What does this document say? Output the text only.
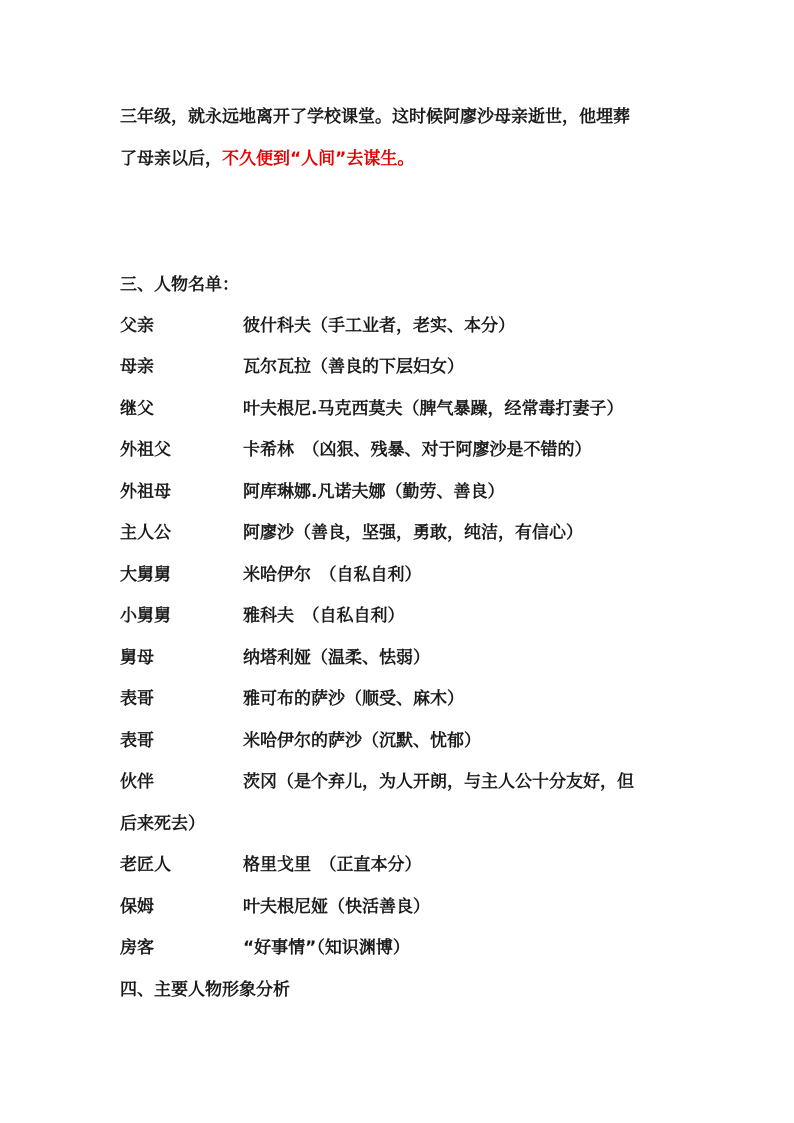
三年级，就永远地离开了学校课堂。这时候阿廖沙母亲逝世，他埋葬
了母亲以后，不久便到“人间”去谋生。
三、人物名单：
父亲	彼什科夫（手工业者，老实、本分）
母亲	瓦尔瓦拉（善良的下层妇女）
继父	叶夫根尼.马克西莫夫（脾气暴躁，经常毒打妻子）
外祖父	卡希林　（凶狠、残暴、对于阿廖沙是不错的）
外祖母	阿库琳娜.凡诺夫娜（勤劳、善良）
主人公	阿廖沙（善良，坚强，勇敢，纯洁，有信心）
大舅舅	米哈伊尔　（自私自利）
小舅舅	雅科夫　（自私自利）
舅母	纳塔利娅（温柔、怯弱）
表哥	雅可布的萨沙（顺受、麻木）
表哥	米哈伊尔的萨沙（沉默、忧郁）
伙伴	茨冈（是个弃儿，为人开朗，与主人公十分友好，但
后来死去）
老匠人	格里戈里　（正直本分）
保姆	叶夫根尼娅（快活善良）
房客	“好事情”（知识渊博）
四、主要人物形象分析
